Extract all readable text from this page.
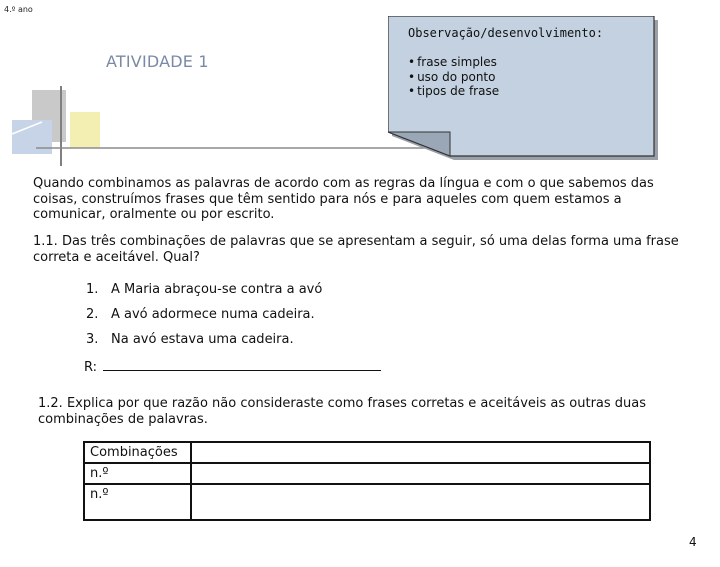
4.º ano
ATIVIDADE 1
Observação/desenvolvimento:
• frase simples
• uso do ponto
• tipos de frase
Quando combinamos as palavras de acordo com as regras da língua e com o que sabemos das coisas, construímos frases que têm sentido para nós e para aqueles com quem estamos a comunicar, oralmente ou por escrito.
1.1. Das três combinações de palavras que se apresentam a seguir, só uma delas forma uma frase correta e aceitável. Qual?
1. A Maria abraçou-se contra a avó
2. A avó adormece numa cadeira.
3. Na avó estava uma cadeira.
R:
1.2. Explica por que razão não consideraste como frases corretas e aceitáveis as outras duas combinações de palavras.
Combinações	
n.º	
n.º	
4
